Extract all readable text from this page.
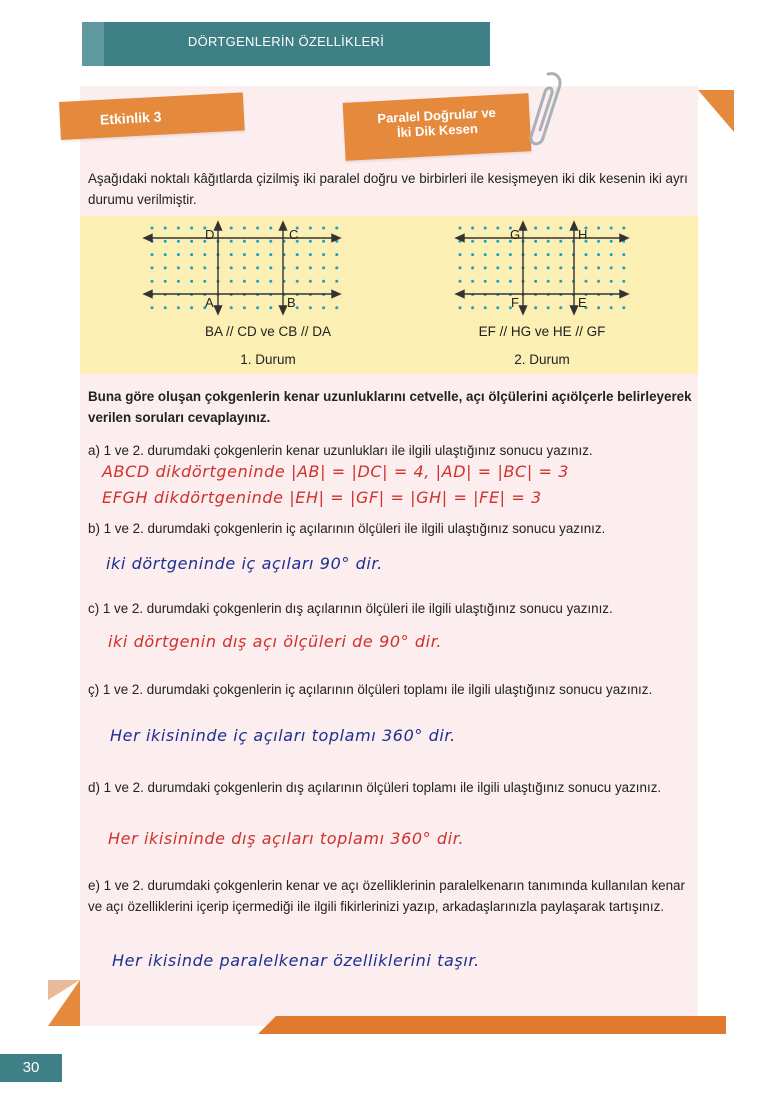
DÖRTGENLERİN ÖZELLİKLERİ
Etkinlik 3	Paralel Doğrular ve
İki Dik Kesen
Aşağıdaki noktalı kâğıtlarda çizilmiş iki paralel doğru ve birbirleri ile kesişmeyen iki dik kesenin iki ayrı durumu verilmiştir.
D	C
A	B
G	H
F	E
BA // CD ve CB // DA
1. Durum
EF // HG ve HE // GF
2. Durum
Buna göre oluşan çokgenlerin kenar uzunluklarını cetvelle, açı ölçülerini açıölçerle belirleyerek verilen soruları cevaplayınız.
a) 1 ve 2. durumdaki çokgenlerin kenar uzunlukları ile ilgili ulaştığınız sonucu yazınız.
ABCD dikdörtgeninde |AB| = |DC| = 4, |AD| = |BC| = 3
EFGH dikdörtgeninde |EH| = |GF| = |GH| = |FE| = 3
b) 1 ve 2. durumdaki çokgenlerin iç açılarının ölçüleri ile ilgili ulaştığınız sonucu yazınız.
iki dörtgeninde iç açıları 90° dir.
c) 1 ve 2. durumdaki çokgenlerin dış açılarının ölçüleri ile ilgili ulaştığınız sonucu yazınız.
iki dörtgenin dış açı ölçüleri de 90° dir.
ç) 1 ve 2. durumdaki çokgenlerin iç açılarının ölçüleri toplamı ile ilgili ulaştığınız sonucu yazınız.
Her ikisininde iç açıları toplamı 360° dir.
d) 1 ve 2. durumdaki çokgenlerin dış açılarının ölçüleri toplamı ile ilgili ulaştığınız sonucu yazınız.
Her ikisininde dış açıları toplamı 360° dir.
e) 1 ve 2. durumdaki çokgenlerin kenar ve açı özelliklerinin paralelkenarın tanımında kullanılan kenar ve açı özelliklerini içerip içermediği ile ilgili fikirlerinizi yazıp, arkadaşlarınızla paylaşarak tartışınız.
Her ikisinde paralelkenar özelliklerini taşır.
30
